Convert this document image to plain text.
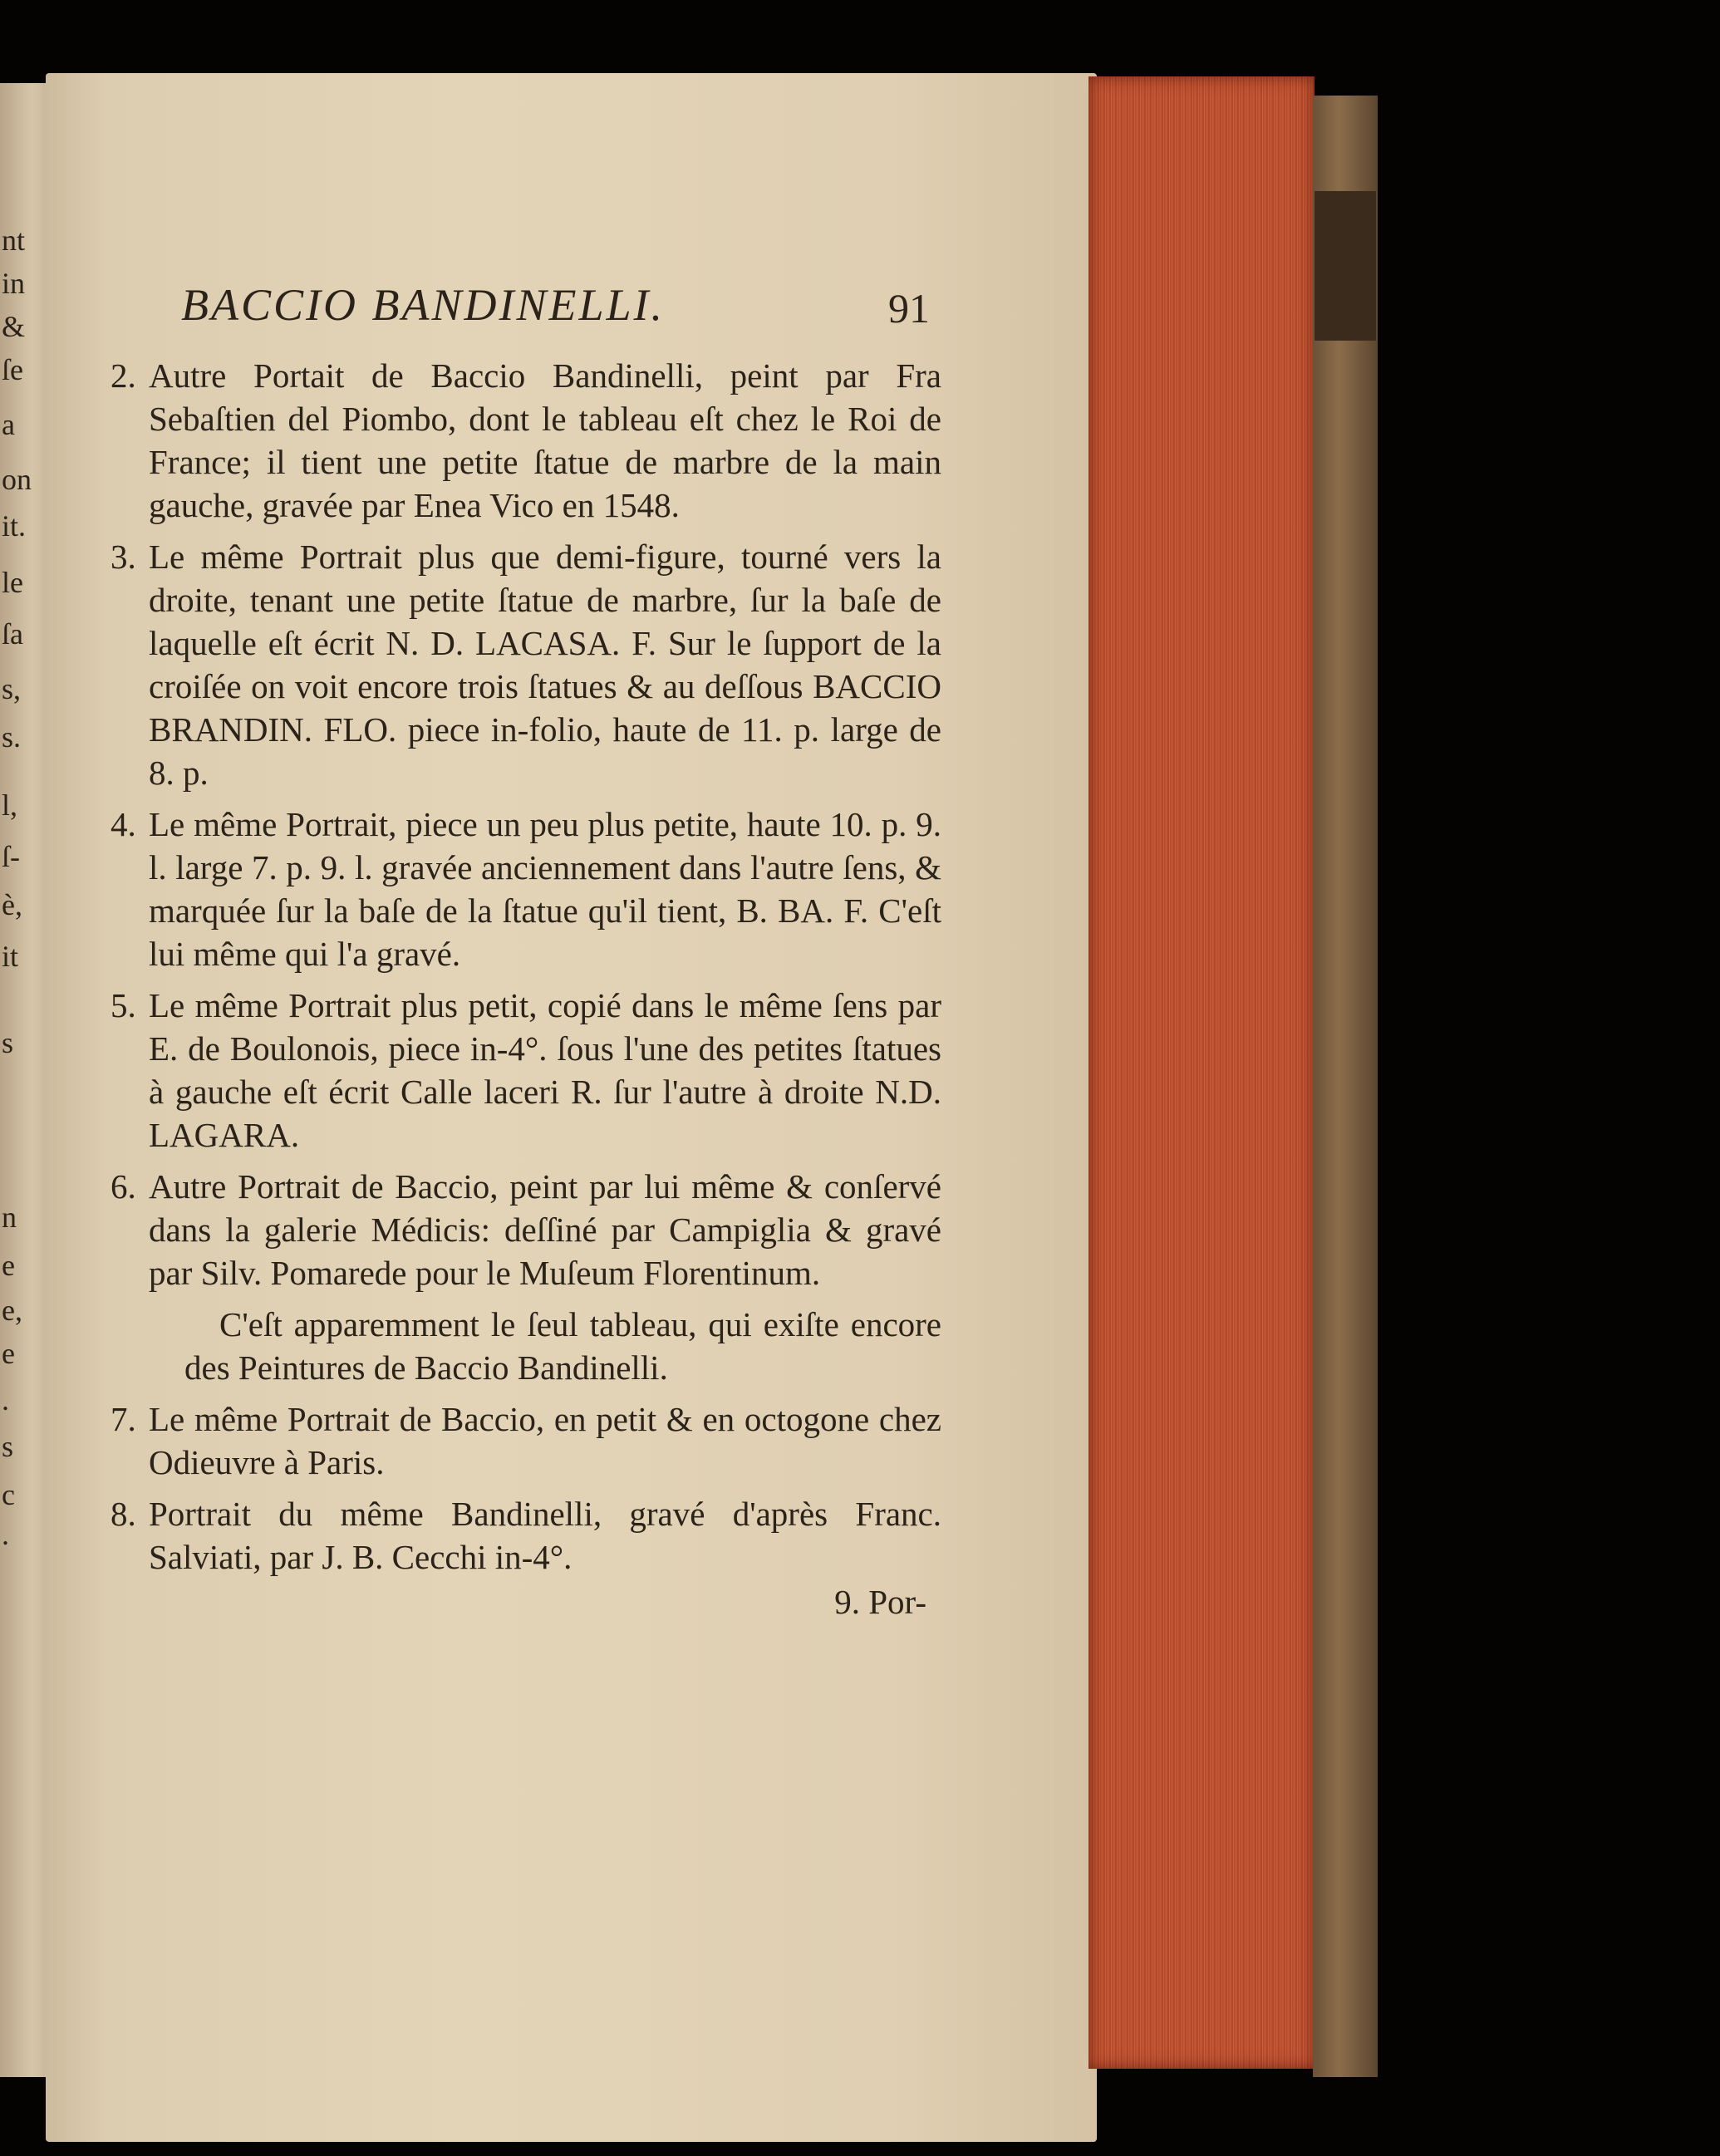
nt
in
&
ſe
a
on
it.
le
ſa
s,
s.
l,
ſ-
è,
it
s
n
e
e,
e
.
s
c
.
BACCIO BANDINELLI.	91
2. Autre Portait de Baccio Bandinelli, peint par Fra Sebaſtien del Piombo, dont le tableau eſt chez le Roi de France; il tient une petite ſtatue de marbre de la main gauche, gravée par Enea Vico en 1548.
3. Le même Portrait plus que demi-figure, tourné vers la droite, tenant une petite ſtatue de marbre, ſur la baſe de laquelle eſt écrit N. D. LACASA. F. Sur le ſupport de la croiſée on voit encore trois ſtatues & au deſſous BACCIO BRANDIN. FLO. piece in-folio, haute de 11. p. large de 8. p.
4. Le même Portrait, piece un peu plus petite, haute 10. p. 9. l. large 7. p. 9. l. gravée anciennement dans l'autre ſens, & marquée ſur la baſe de la ſtatue qu'il tient, B. BA. F. C'eſt lui même qui l'a gravé.
5. Le même Portrait plus petit, copié dans le même ſens par E. de Boulonois, piece in-4°. ſous l'une des petites ſtatues à gauche eſt écrit Calle laceri R. ſur l'autre à droite N.D. LAGARA.
6. Autre Portrait de Baccio, peint par lui même & conſervé dans la galerie Médicis: deſſiné par Campiglia & gravé par Silv. Pomarede pour le Muſeum Florentinum.
C'eſt apparemment le ſeul tableau, qui exiſte encore des Peintures de Baccio Bandinelli.
7. Le même Portrait de Baccio, en petit & en octogone chez Odieuvre à Paris.
8. Portrait du même Bandinelli, gravé d'après Franc. Salviati, par J. B. Cecchi in-4°.
9. Por-
